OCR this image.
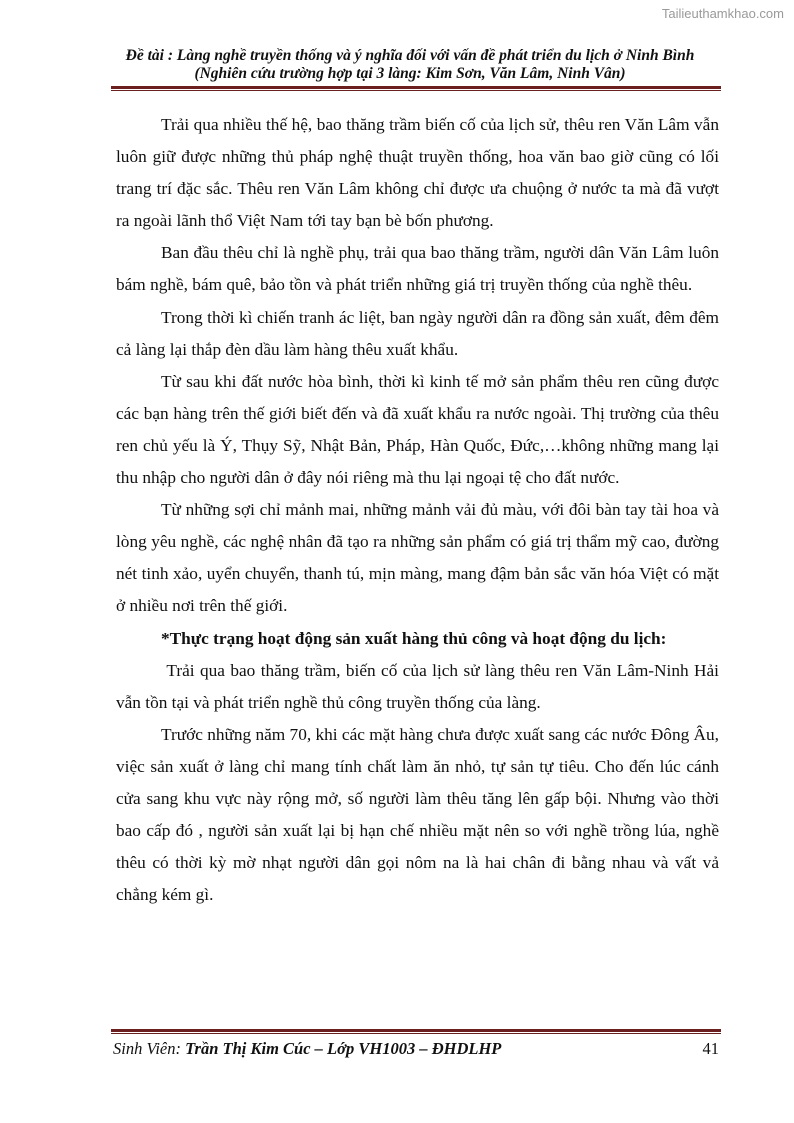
Tailieuthamkhao.com
Đề tài : Làng nghề truyền thống và ý nghĩa đối với vấn đề phát triển du lịch ở Ninh Bình
(Nghiên cứu trường hợp tại 3 làng: Kim Sơn, Văn Lâm, Ninh Vân)

Trải qua nhiều thế hệ, bao thăng trầm biến cố của lịch sử, thêu ren Văn Lâm vẫn luôn giữ được những thủ pháp nghệ thuật truyền thống, hoa văn bao giờ cũng có lối trang trí đặc sắc. Thêu ren Văn Lâm không chỉ được ưa chuộng ở nước ta mà đã vượt ra ngoài lãnh thổ Việt Nam tới tay bạn bè bốn phương.

Ban đầu thêu chỉ là nghề phụ, trải qua bao thăng trầm, người dân Văn Lâm luôn bám nghề, bám quê, bảo tồn và phát triển những giá trị truyền thống của nghề thêu.

Trong thời kì chiến tranh ác liệt, ban ngày người dân ra đồng sản xuất, đêm đêm cả làng lại thắp đèn dầu làm hàng thêu xuất khẩu.

Từ sau khi đất nước hòa bình, thời kì kinh tế mở sản phẩm thêu ren cũng được các bạn hàng trên thế giới biết đến và đã xuất khẩu ra nước ngoài. Thị trường của thêu ren chủ yếu là Ý, Thụy Sỹ, Nhật Bản, Pháp, Hàn Quốc, Đức,…không những mang lại thu nhập cho người dân ở đây nói riêng mà thu lại ngoại tệ cho đất nước.

Từ những sợi chỉ mảnh mai, những mảnh vải đủ màu, với đôi bàn tay tài hoa và lòng yêu nghề, các nghệ nhân đã tạo ra những sản phẩm có giá trị thẩm mỹ cao, đường nét tinh xảo, uyển chuyển, thanh tú, mịn màng, mang đậm bản sắc văn hóa Việt có mặt ở nhiều nơi trên thế giới.

*Thực trạng hoạt động sản xuất hàng thủ công và hoạt động du lịch:

Trải qua bao thăng trầm, biến cố của lịch sử làng thêu ren Văn Lâm-Ninh Hải vẫn tồn tại và phát triển nghề thủ công truyền thống của làng.

Trước những năm 70, khi các mặt hàng chưa được xuất sang các nước Đông Âu, việc sản xuất ở làng chỉ mang tính chất làm ăn nhỏ, tự sản tự tiêu. Cho đến lúc cánh cửa sang khu vực này rộng mở, số người làm thêu tăng lên gấp bội. Nhưng vào thời bao cấp đó , người sản xuất lại bị hạn chế nhiều mặt nên so với nghề trồng lúa, nghề thêu có thời kỳ mờ nhạt người dân gọi nôm na là hai chân đi bằng nhau và vất vả chẳng kém gì.

Sinh Viên: Trần Thị Kim Cúc – Lớp VH1003 – ĐHDLHP	41
